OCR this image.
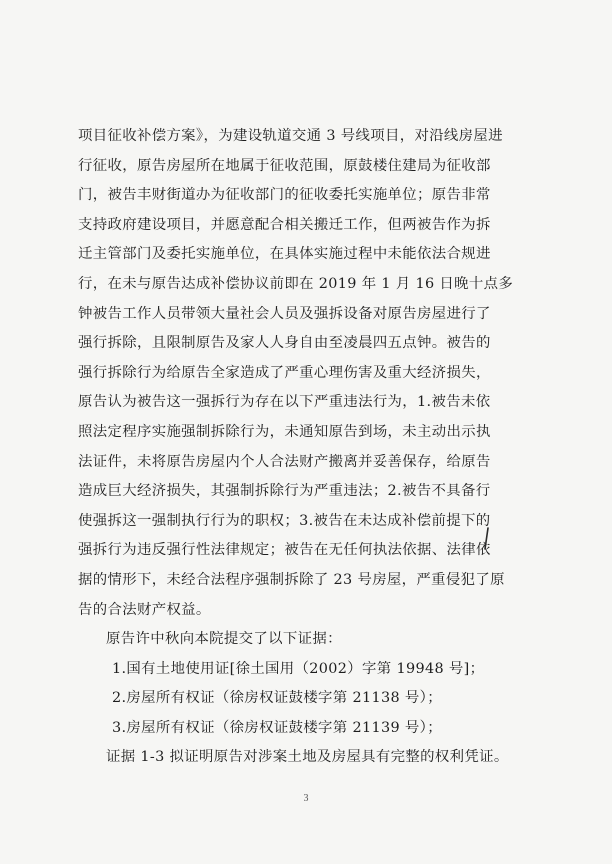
项目征收补偿方案》，为建设轨道交通 3 号线项目，对沿线房屋进
行征收，原告房屋所在地属于征收范围，原鼓楼住建局为征收部
门，被告丰财街道办为征收部门的征收委托实施单位；原告非常
支持政府建设项目，并愿意配合相关搬迁工作，但两被告作为拆
迁主管部门及委托实施单位，在具体实施过程中未能依法合规进
行，在未与原告达成补偿协议前即在 2019 年 1 月 16 日晚十点多
钟被告工作人员带领大量社会人员及强拆设备对原告房屋进行了
强行拆除，且限制原告及家人人身自由至凌晨四五点钟。被告的
强行拆除行为给原告全家造成了严重心理伤害及重大经济损失，
原告认为被告这一强拆行为存在以下严重违法行为，1.被告未依
照法定程序实施强制拆除行为，未通知原告到场，未主动出示执
法证件，未将原告房屋内个人合法财产搬离并妥善保存，给原告
造成巨大经济损失，其强制拆除行为严重违法；2.被告不具备行
使强拆这一强制执行行为的职权；3.被告在未达成补偿前提下的
强拆行为违反强行性法律规定；被告在无任何执法依据、法律依
据的情形下，未经合法程序强制拆除了 23 号房屋，严重侵犯了原
告的合法财产权益。
原告许中秋向本院提交了以下证据：
1.国有土地使用证[徐土国用（2002）字第 19948 号]；
2.房屋所有权证（徐房权证鼓楼字第 21138 号）；
3.房屋所有权证（徐房权证鼓楼字第 21139 号）；
证据 1-3 拟证明原告对涉案土地及房屋具有完整的权利凭证。
3
